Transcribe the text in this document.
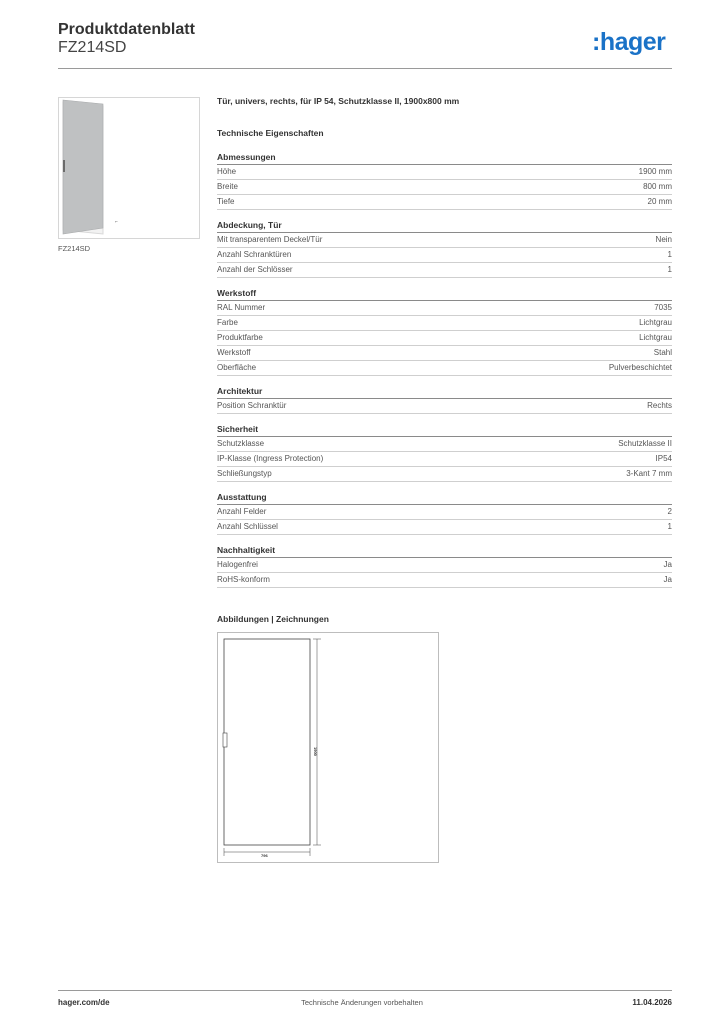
Produktdatenblatt
FZ214SD	:hager
⌐
FZ214SD
Tür, univers, rechts, für IP 54, Schutzklasse II, 1900x800 mm
Technische Eigenschaften
Abmessungen
Höhe	1900 mm
Breite	800 mm
Tiefe	20 mm
Abdeckung, Tür
Mit transparentem Deckel/Tür	Nein
Anzahl Schranktüren	1
Anzahl der Schlösser	1
Werkstoff
RAL Nummer	7035
Farbe	Lichtgrau
Produktfarbe	Lichtgrau
Werkstoff	Stahl
Oberfläche	Pulverbeschichtet
Architektur
Position Schranktür	Rechts
Sicherheit
Schutzklasse	Schutzklasse II
IP-Klasse (Ingress Protection)	IP54
Schließungstyp	3-Kant 7 mm
Ausstattung
Anzahl Felder	2
Anzahl Schlüssel	1
Nachhaltigkeit
Halogenfrei	Ja
RoHS-konform	Ja
Abbildungen | Zeichnungen
1900
796
hager.com/de	Technische Änderungen vorbehalten	11.04.2026
